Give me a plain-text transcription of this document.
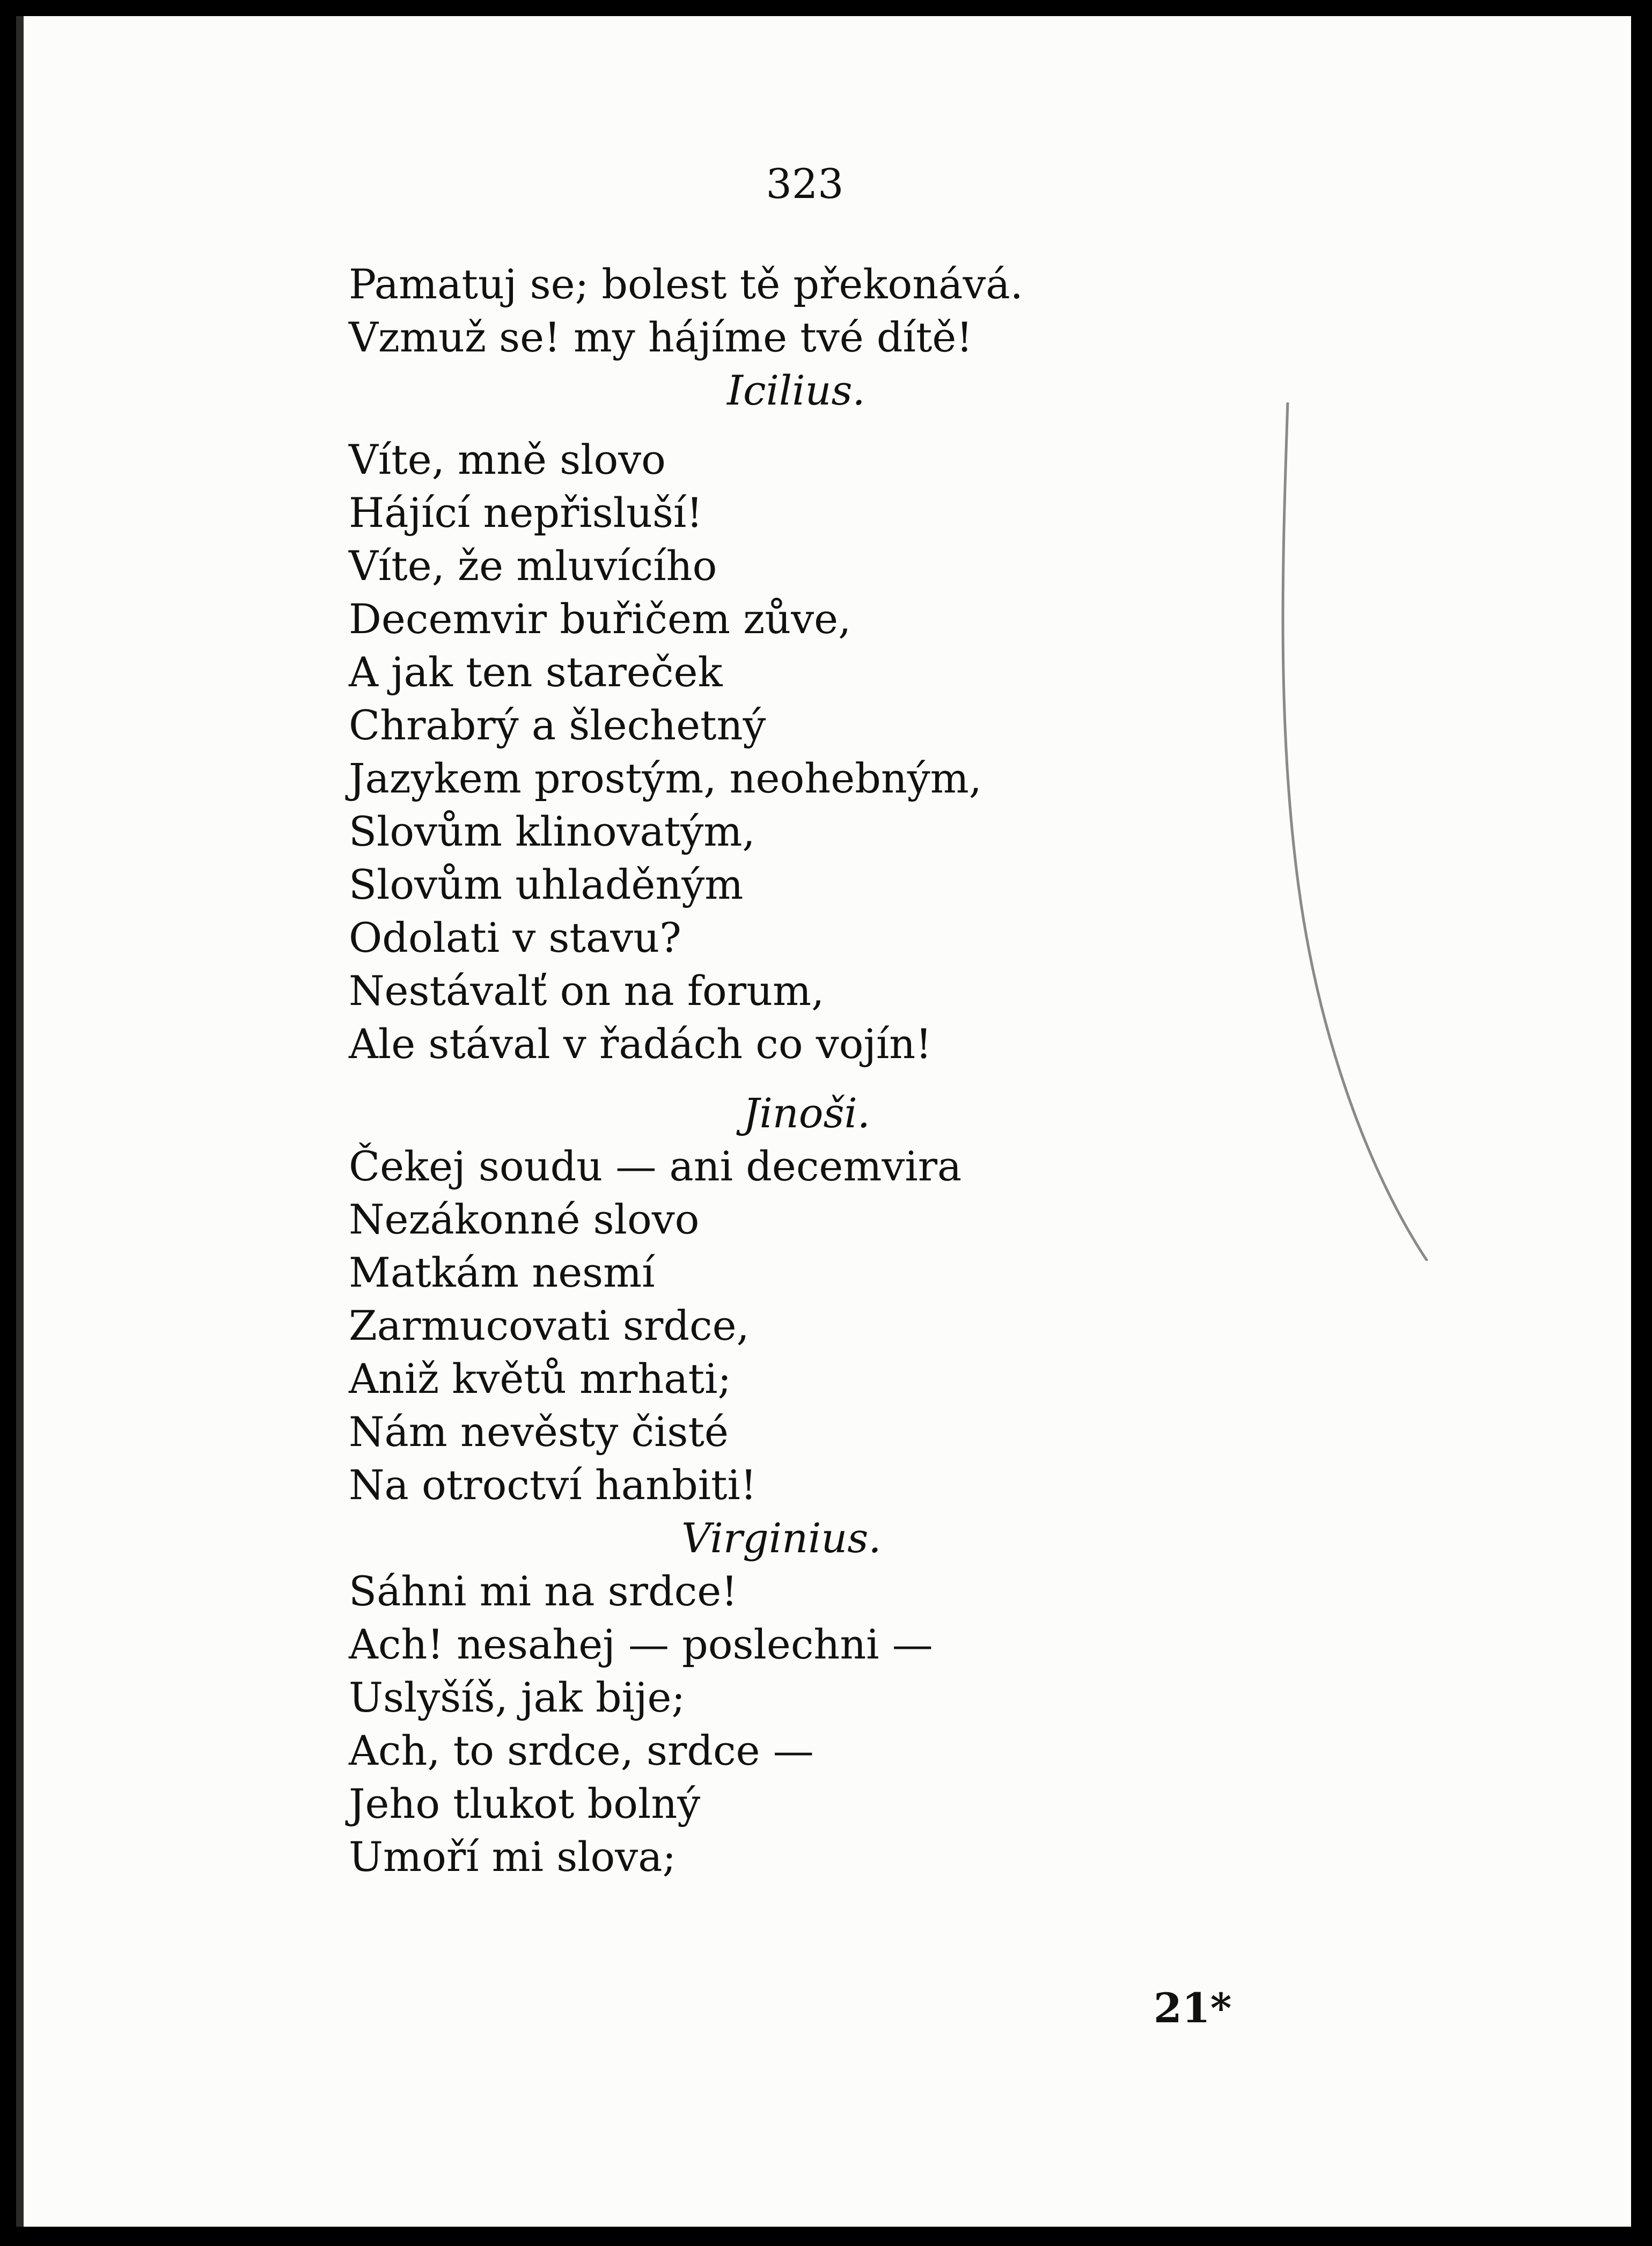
323
Pamatuj se; bolest tě překonává.
Vzmuž se! my hájíme tvé dítě!
Icilius.
Víte, mně slovo
Hájící nepřisluší!
Víte, že mluvícího
Decemvir buřičem zůve,
A jak ten stareček
Chrabrý a šlechetný
Jazykem prostým, neohebným,
Slovům klinovatým,
Slovům uhladěným
Odolati v stavu?
Nestávalť on na forum,
Ale stával v řadách co vojín!
Jinoši.
Čekej soudu — ani decemvira
Nezákonné slovo
Matkám nesmí
Zarmucovati srdce,
Aniž květů mrhati;
Nám nevěsty čisté
Na otroctví hanbiti!
Virginius.
Sáhni mi na srdce!
Ach! nesahej — poslechni —
Uslyšíš, jak bije;
Ach, to srdce, srdce —
Jeho tlukot bolný
Umoří mi slova;
21*
